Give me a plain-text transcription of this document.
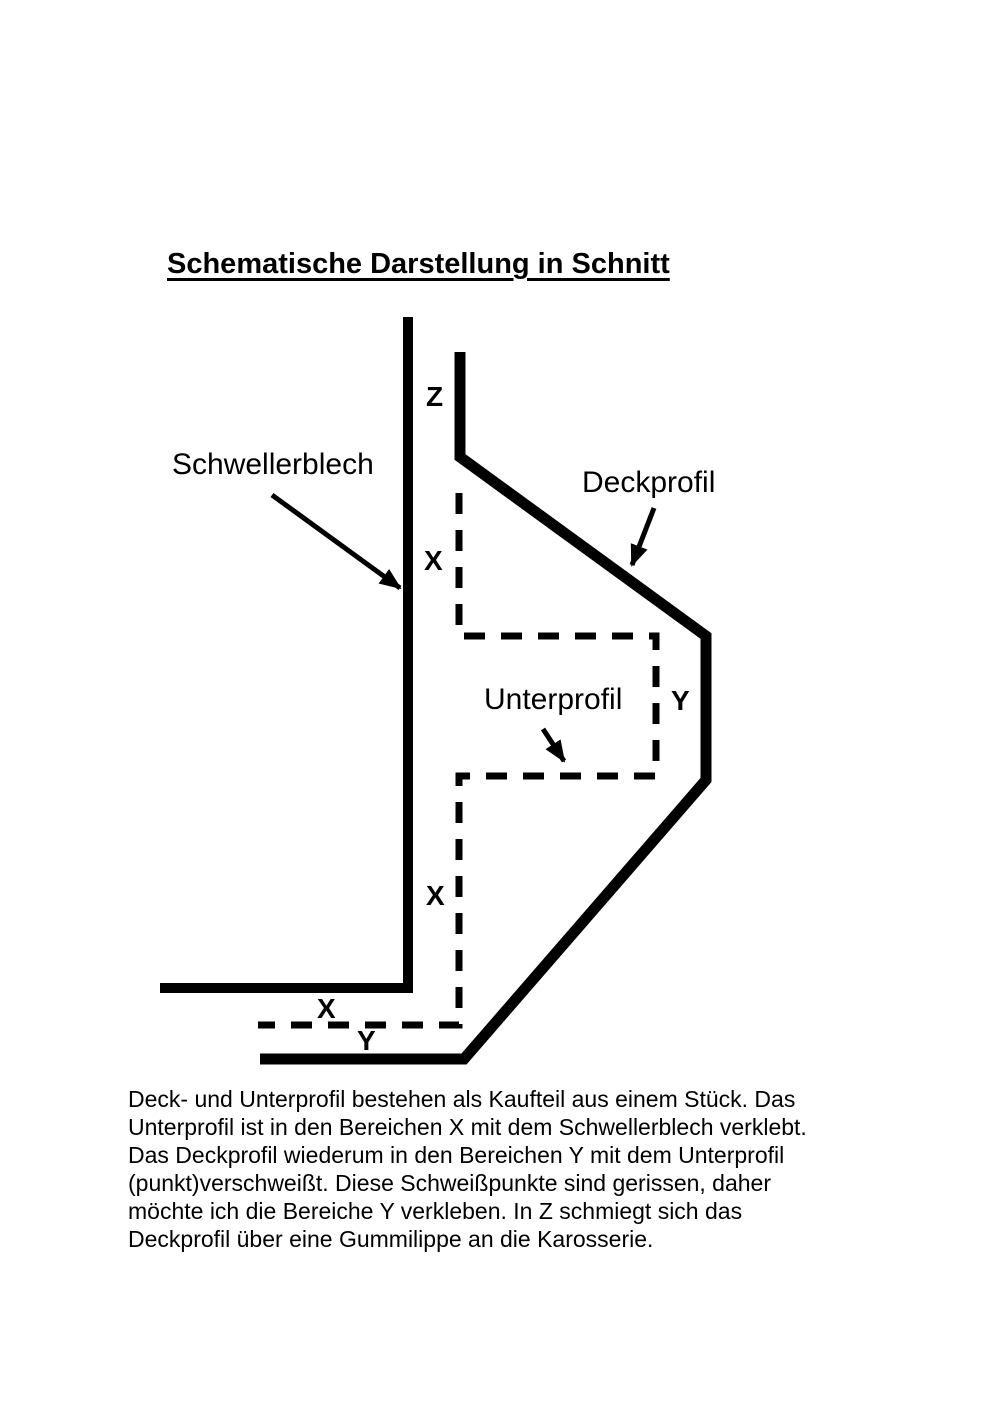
Schematische Darstellung in Schnitt
Schwellerblech
Deckprofil
Unterprofil
Z
X
Y
X
X
Y
Deck- und Unterprofil bestehen als Kaufteil aus einem Stück. Das
Unterprofil ist in den Bereichen X mit dem Schwellerblech verklebt.
Das Deckprofil wiederum in den Bereichen Y mit dem Unterprofil
(punkt)verschweißt. Diese Schweißpunkte sind gerissen, daher
möchte ich die Bereiche Y verkleben. In Z schmiegt sich das
Deckprofil über eine Gummilippe an die Karosserie.
